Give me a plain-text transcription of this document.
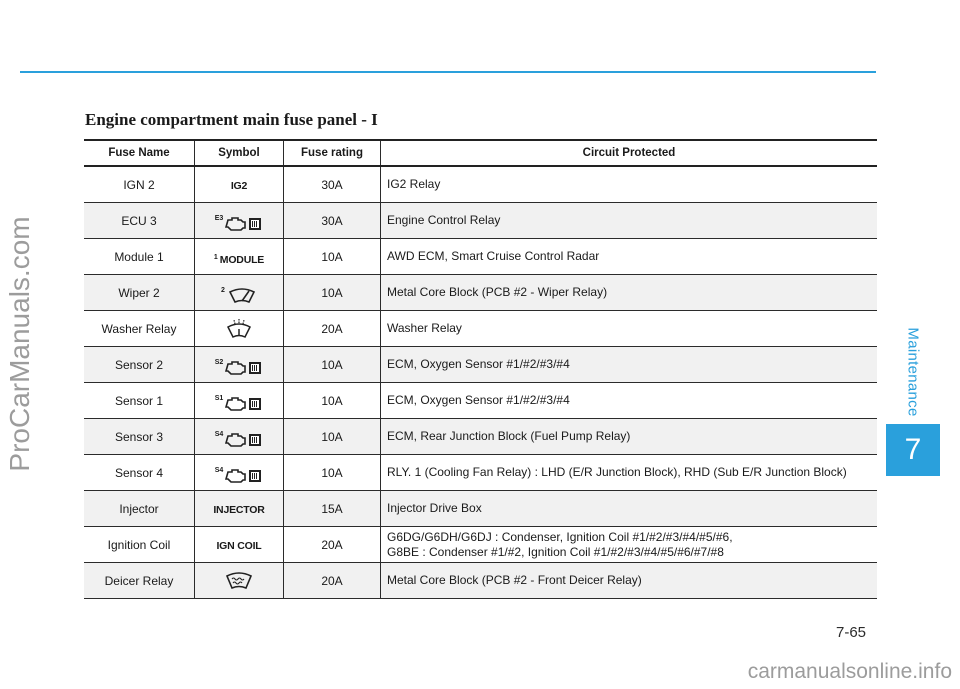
ProCarManuals.com	Maintenance
7
Engine compartment main fuse panel - I
Fuse Name	Symbol	Fuse rating	Circuit Protected
IGN 2	IG2	30A	IG2 Relay

ECU 3	E3	30A	Engine Control Relay

Module 1	1 MODULE	10A	AWD ECM, Smart Cruise Control Radar

Wiper 2	2	10A	Metal Core Block (PCB #2 - Wiper Relay)

Washer Relay		20A	Washer Relay

Sensor 2	S2	10A	ECM, Oxygen Sensor #1/#2/#3/#4

Sensor 1	S1	10A	ECM, Oxygen Sensor #1/#2/#3/#4

Sensor 3	S4	10A	ECM, Rear Junction Block (Fuel Pump Relay)

Sensor 4	S4	10A	RLY. 1 (Cooling Fan Relay) : LHD (E/R Junction Block), RHD (Sub E/R Junction Block)

Injector	INJECTOR	15A	Injector Drive Box

Ignition Coil	IGN COIL	20A	G6DG/G6DH/G6DJ : Condenser, Ignition Coil #1/#2/#3/#4/#5/#6,
G8BE : Condenser #1/#2, Ignition Coil #1/#2/#3/#4/#5/#6/#7/#8

Deicer Relay		20A	Metal Core Block (PCB #2 - Front Deicer Relay)
7-65
carmanualsonline.info
